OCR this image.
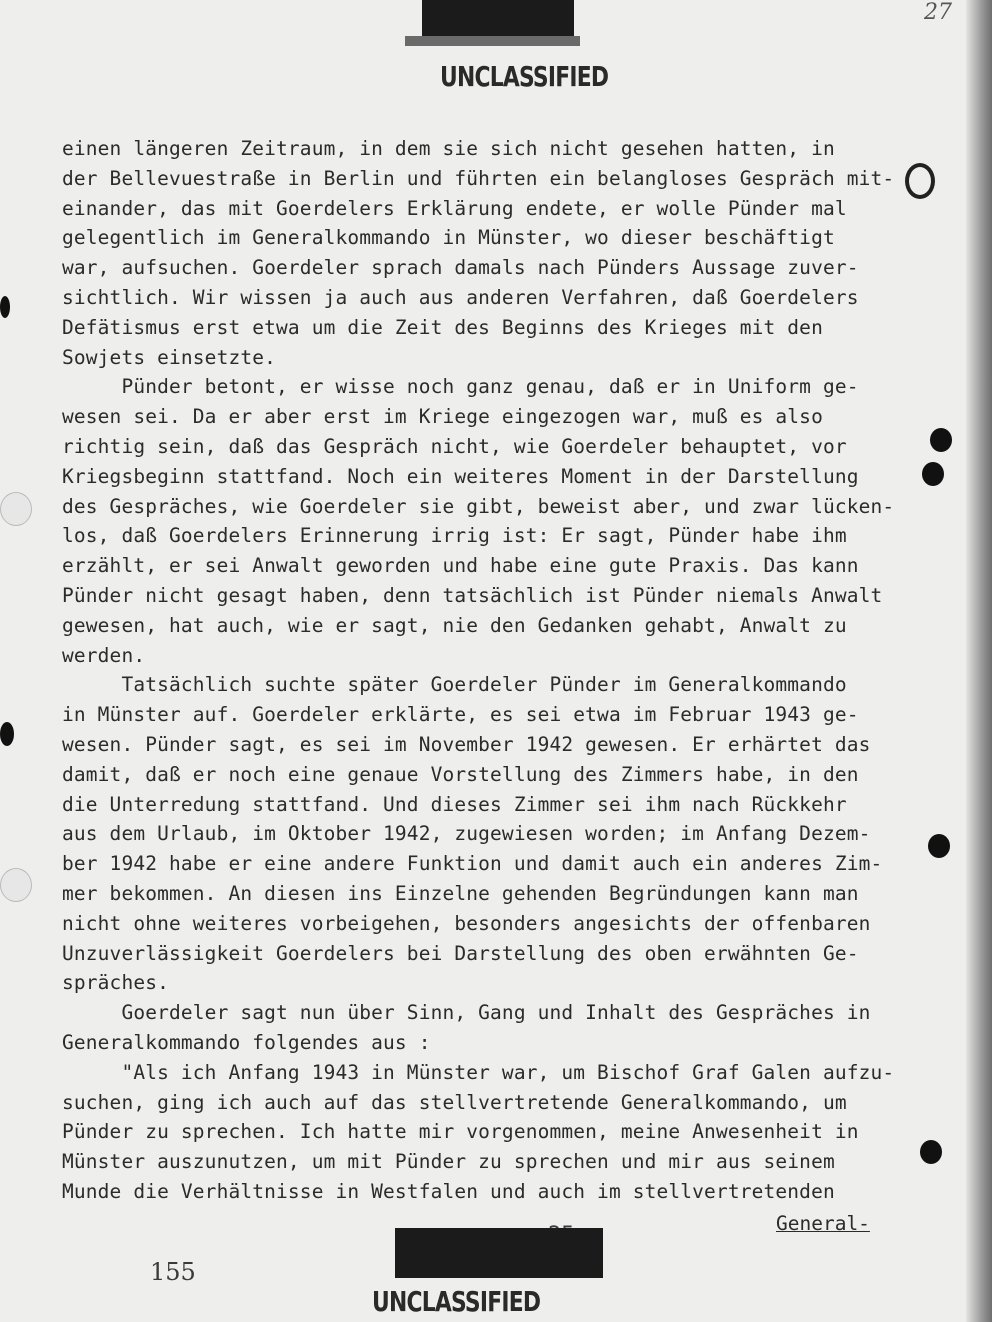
UNCLASSIFIED
27
einen längeren Zeitraum, in dem sie sich nicht gesehen hatten, in
der Bellevuestraße in Berlin und führten ein belangloses Gespräch mit-
einander, das mit Goerdelers Erklärung endete, er wolle Pünder mal
gelegentlich im Generalkommando in Münster, wo dieser beschäftigt
war, aufsuchen. Goerdeler sprach damals nach Pünders Aussage zuver-
sichtlich. Wir wissen ja auch aus anderen Verfahren, daß Goerdelers
Defätismus erst etwa um die Zeit des Beginns des Krieges mit den
Sowjets einsetzte.
Pünder betont, er wisse noch ganz genau, daß er in Uniform ge-
wesen sei. Da er aber erst im Kriege eingezogen war, muß es also
richtig sein, daß das Gespräch nicht, wie Goerdeler behauptet, vor
Kriegsbeginn stattfand. Noch ein weiteres Moment in der Darstellung
des Gespräches, wie Goerdeler sie gibt, beweist aber, und zwar lücken-
los, daß Goerdelers Erinnerung irrig ist: Er sagt, Pünder habe ihm
erzählt, er sei Anwalt geworden und habe eine gute Praxis. Das kann
Pünder nicht gesagt haben, denn tatsächlich ist Pünder niemals Anwalt
gewesen, hat auch, wie er sagt, nie den Gedanken gehabt, Anwalt zu
werden.
Tatsächlich suchte später Goerdeler Pünder im Generalkommando
in Münster auf. Goerdeler erklärte, es sei etwa im Februar 1943 ge-
wesen. Pünder sagt, es sei im November 1942 gewesen. Er erhärtet das
damit, daß er noch eine genaue Vorstellung des Zimmers habe, in den
die Unterredung stattfand. Und dieses Zimmer sei ihm nach Rückkehr
aus dem Urlaub, im Oktober 1942, zugewiesen worden; im Anfang Dezem-
ber 1942 habe er eine andere Funktion und damit auch ein anderes Zim-
mer bekommen. An diesen ins Einzelne gehenden Begründungen kann man
nicht ohne weiteres vorbeigehen, besonders angesichts der offenbaren
Unzuverlässigkeit Goerdelers bei Darstellung des oben erwähnten Ge-
spräches.
Goerdeler sagt nun über Sinn, Gang und Inhalt des Gespräches in
Generalkommando folgendes aus :
"Als ich Anfang 1943 in Münster war, um Bischof Graf Galen aufzu-
suchen, ging ich auch auf das stellvertretende Generalkommando, um
Pünder zu sprechen. Ich hatte mir vorgenommen, meine Anwesenheit in
Münster auszunutzen, um mit Pünder zu sprechen und mir aus seinem
Munde die Verhältnisse in Westfalen und auch im stellvertretenden
General-
155
UNCLASSIFIED
